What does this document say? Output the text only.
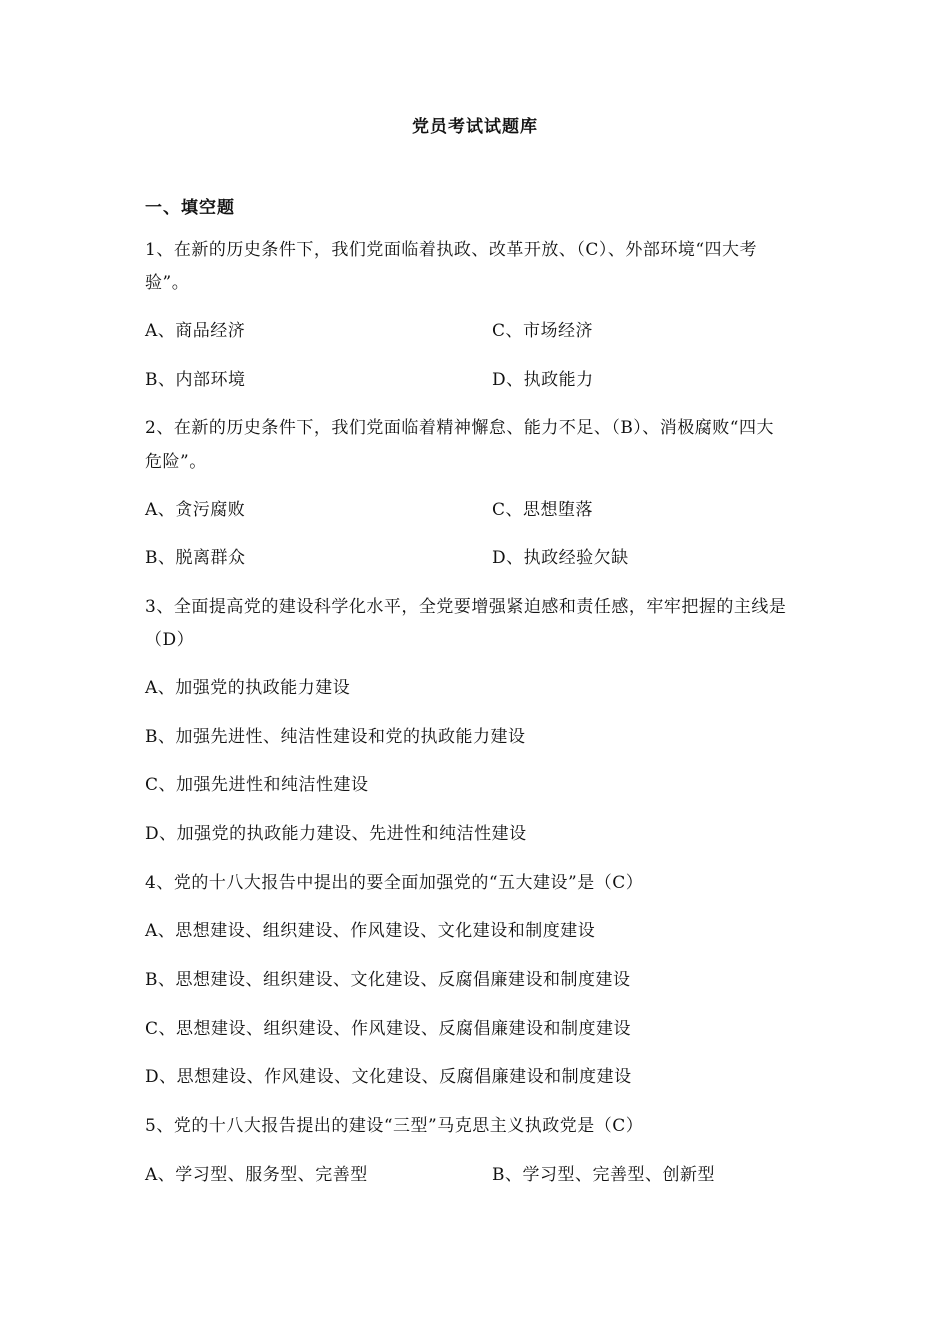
党员考试试题库
一、填空题
1、在新的历史条件下，我们党面临着执政、改革开放、（C）、外部环境“四大考
验”。
A、商品经济	C、市场经济
B、内部环境	D、执政能力
2、在新的历史条件下，我们党面临着精神懈怠、能力不足、（B）、消极腐败“四大
危险”。
A、贪污腐败	C、思想堕落
B、脱离群众	D、执政经验欠缺
3、全面提高党的建设科学化水平，全党要增强紧迫感和责任感，牢牢把握的主线是
（D）
A、加强党的执政能力建设
B、加强先进性、纯洁性建设和党的执政能力建设
C、加强先进性和纯洁性建设
D、加强党的执政能力建设、先进性和纯洁性建设
4、党的十八大报告中提出的要全面加强党的“五大建设”是（C）
A、思想建设、组织建设、作风建设、文化建设和制度建设
B、思想建设、组织建设、文化建设、反腐倡廉建设和制度建设
C、思想建设、组织建设、作风建设、反腐倡廉建设和制度建设
D、思想建设、作风建设、文化建设、反腐倡廉建设和制度建设
5、党的十八大报告提出的建设“三型”马克思主义执政党是（C）
A、学习型、服务型、完善型	B、学习型、完善型、创新型
